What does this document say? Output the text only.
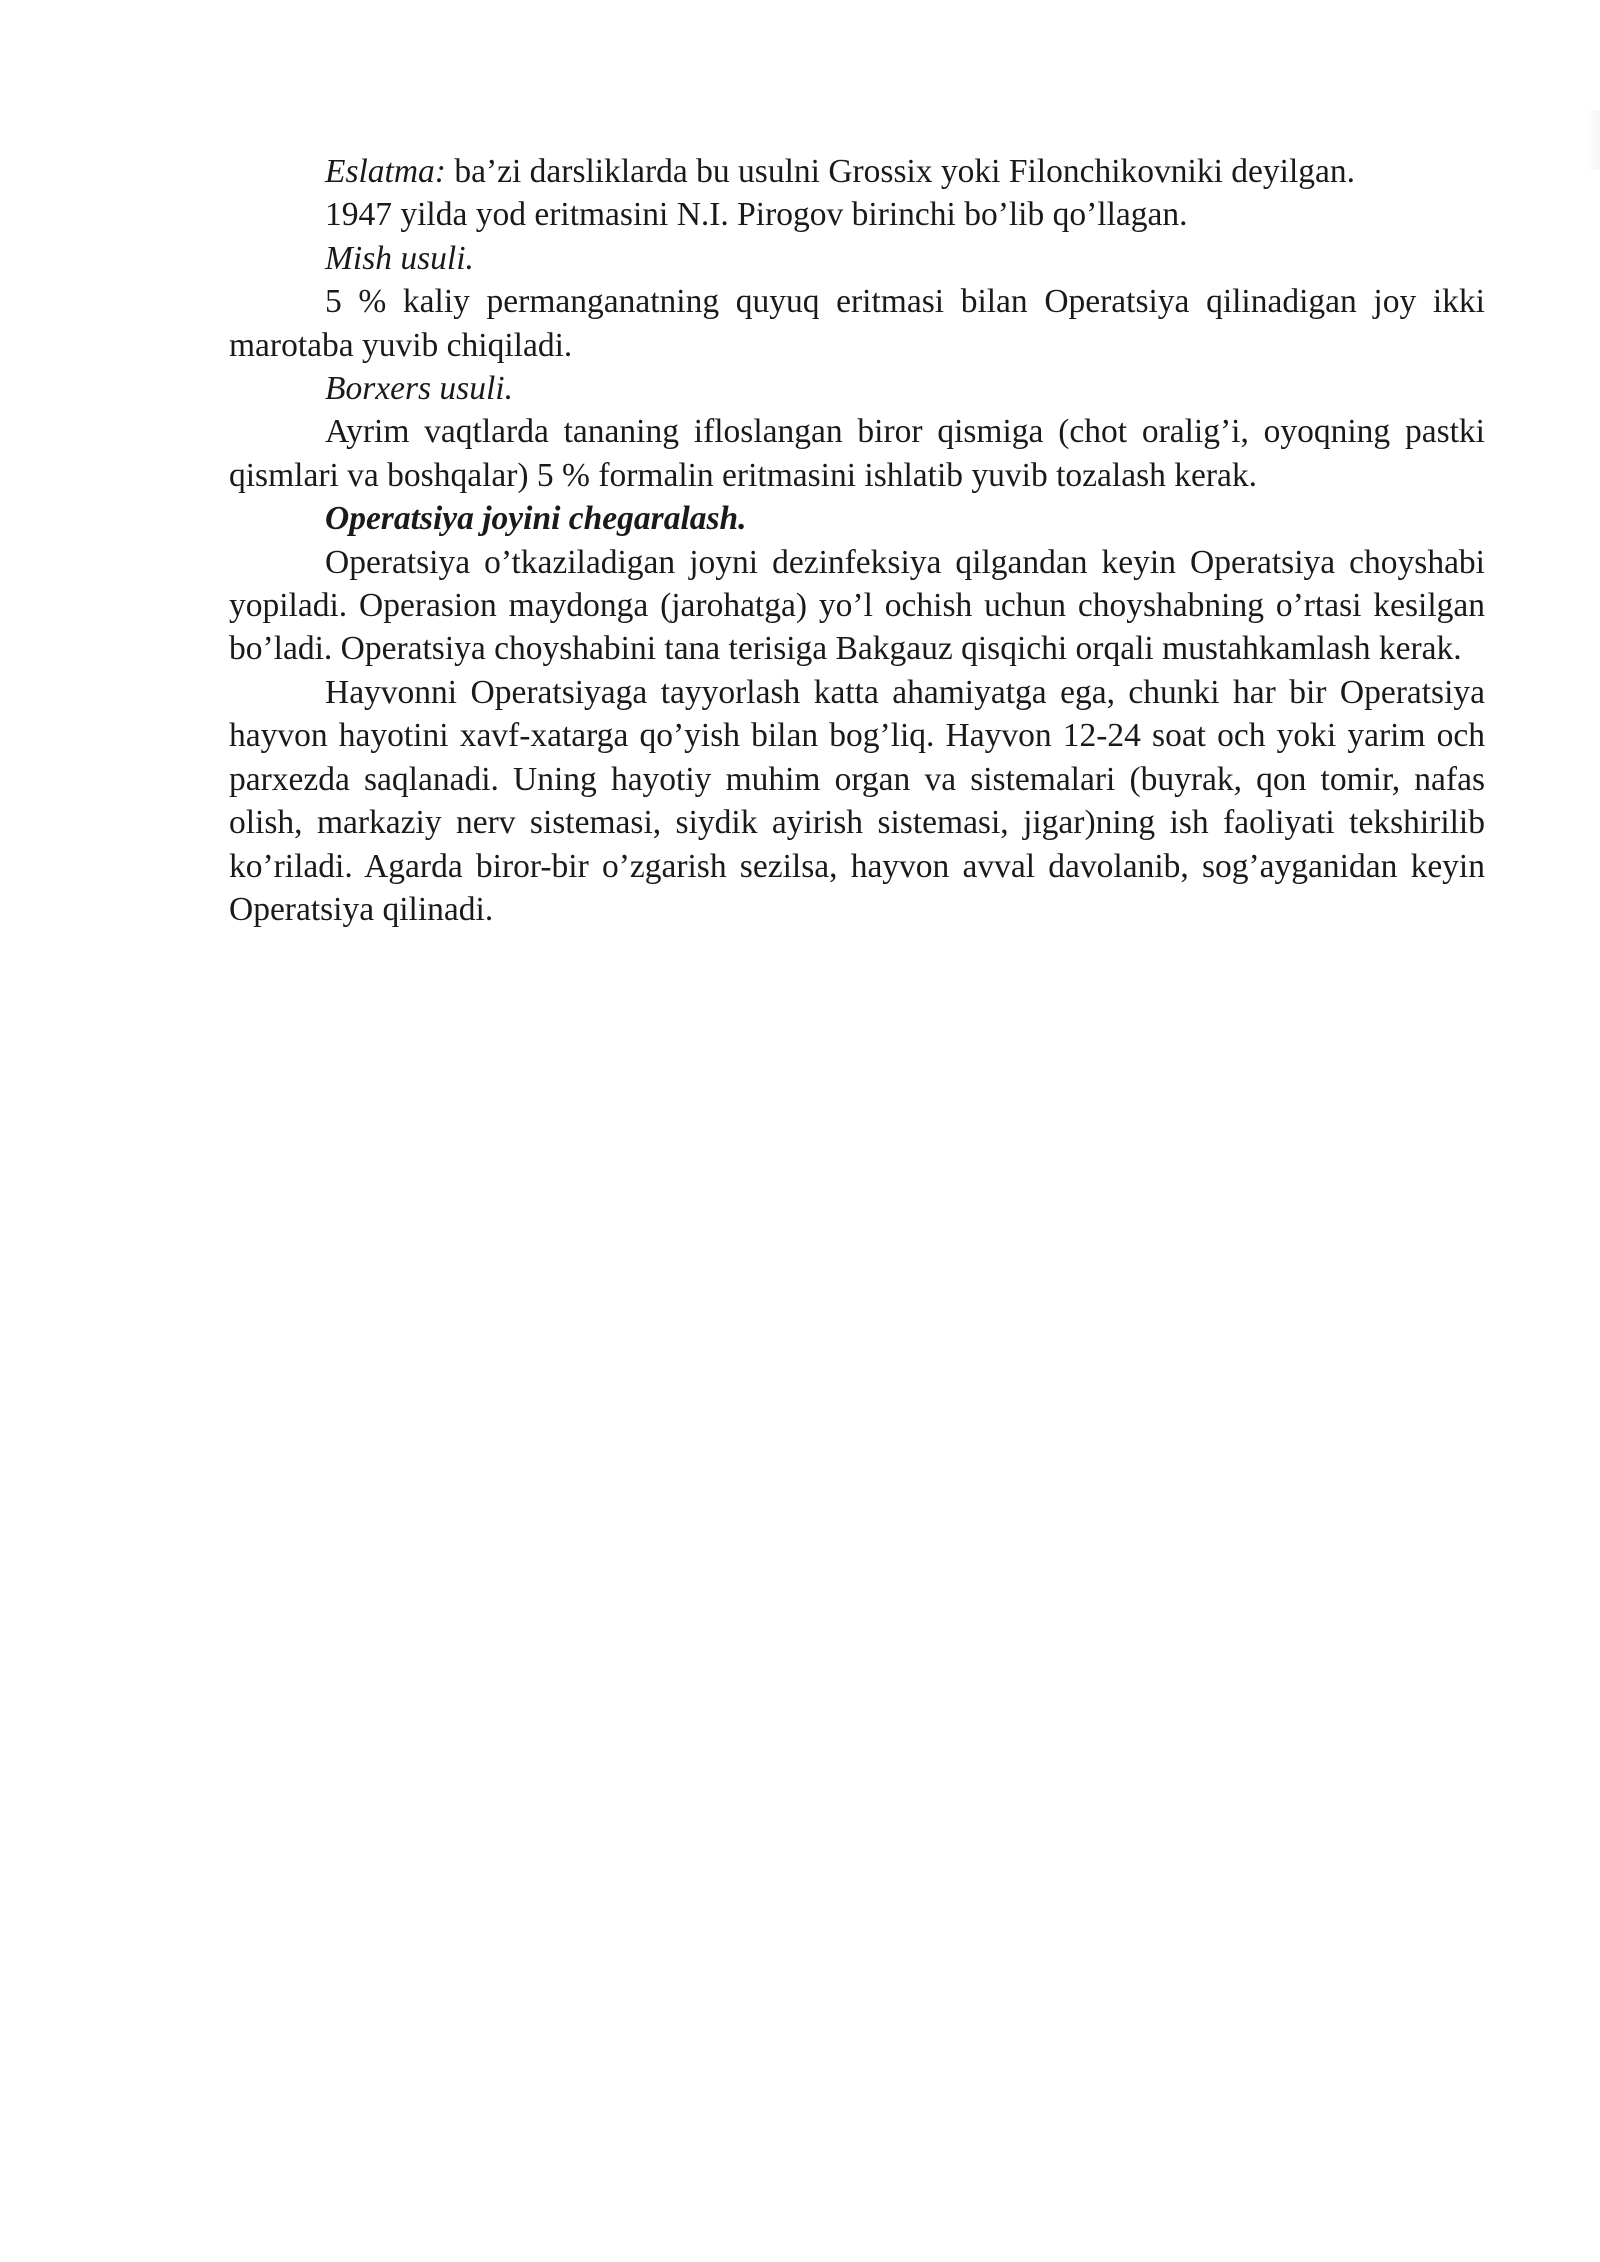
Eslatma: ba’zi darsliklarda bu usulni Grossix yoki Filonchikovniki deyilgan.

1947 yilda yod eritmasini N.I. Pirogov birinchi bo’lib qo’llagan.

Mish usuli.

5 % kaliy permanganatning quyuq eritmasi bilan Operatsiya qilinadigan joy ikki marotaba yuvib chiqiladi.

Borxers usuli.

Ayrim vaqtlarda tananing ifloslangan biror qismiga (chot oralig’i, oyoqning pastki qismlari va boshqalar) 5 % formalin eritmasini ishlatib yuvib tozalash kerak.

Operatsiya joyini chegaralash.

Operatsiya o’tkaziladigan joyni dezinfeksiya qilgandan keyin Operatsiya choyshabi yopiladi. Operasion maydonga (jarohatga) yo’l ochish uchun choyshabning o’rtasi kesilgan bo’ladi. Operatsiya choyshabini tana terisiga Bakgauz qisqichi orqali mustahkamlash kerak.

Hayvonni Operatsiyaga tayyorlash katta ahamiyatga ega, chunki har bir Operatsiya hayvon hayotini xavf-xatarga qo’yish bilan bog’liq. Hayvon 12-24 soat och yoki yarim och parxezda saqlanadi. Uning hayotiy muhim organ va sistemalari (buyrak, qon tomir, nafas olish, markaziy nerv sistemasi, siydik ayirish sistemasi, jigar)ning ish faoliyati tekshirilib ko’riladi. Agarda biror-bir o’zgarish sezilsa, hayvon avval davolanib, sog’ayganidan keyin Operatsiya qilinadi.
